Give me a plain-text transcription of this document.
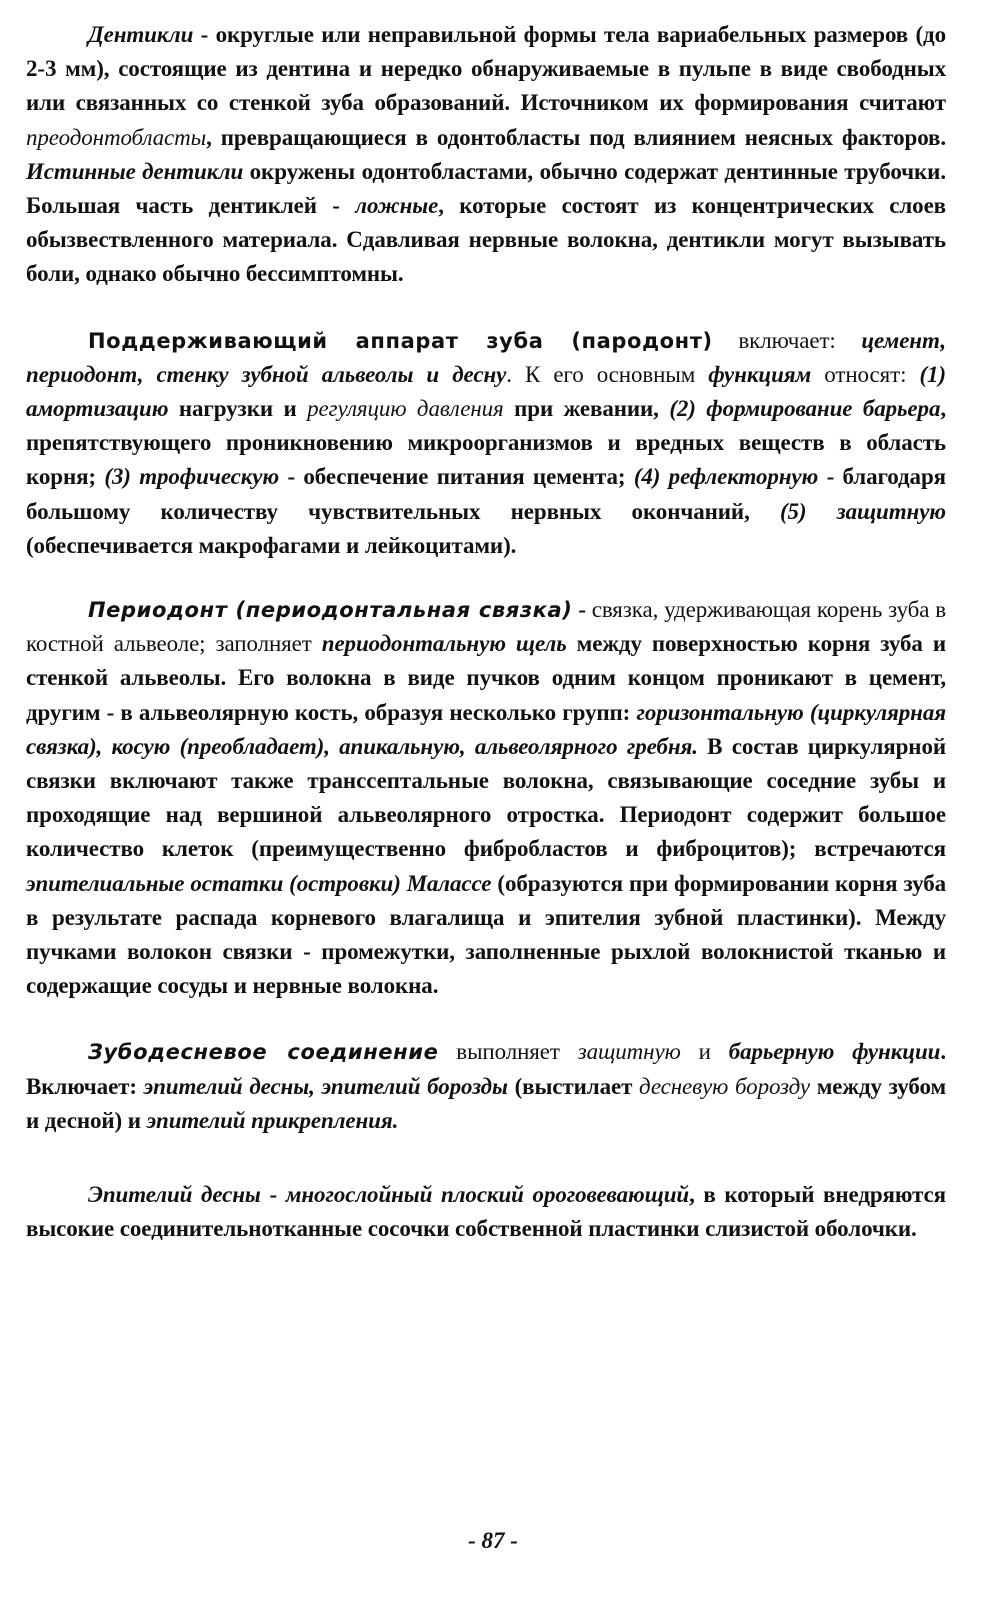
Дентикли - округлые или неправильной формы тела вариабельных размеров (до 2-3 мм), состоящие из дентина и нередко обнаруживаемые в пульпе в виде свободных или связанных со стенкой зуба образований. Источником их формирования считают преодонтобласты, превращающиеся в одонтобласты под влиянием неясных факторов. Истинные дентикли окружены одонтобластами, обычно содержат дентинные трубочки. Большая часть дентиклей - ложные, которые состоят из концентрических слоев обызвествленного материала. Сдавливая нервные волокна, дентикли могут вызывать боли, однако обычно бессимптомны.

Поддерживающий аппарат зуба (пародонт) включает: цемент, периодонт, стенку зубной альвеолы и десну. К его основным функциям относят: (1) амортизацию нагрузки и регуляцию давления при жевании, (2) формирование барьера, препятствующего проникновению микроорганизмов и вредных веществ в область корня; (3) трофическую - обеспечение питания цемента; (4) рефлекторную - благодаря большому количеству чувствительных нервных окончаний, (5) защитную (обеспечивается макрофагами и лейкоцитами).

Периодонт (периодонтальная связка) - связка, удерживающая корень зуба в костной альвеоле; заполняет периодонтальную щель между поверхностью корня зуба и стенкой альвеолы. Его волокна в виде пучков одним концом проникают в цемент, другим - в альвеолярную кость, образуя несколько групп: горизонтальную (циркулярная связка), косую (преобладает), апикальную, альвеолярного гребня. В состав циркулярной связки включают также транссептальные волокна, связывающие соседние зубы и проходящие над вершиной альвеолярного отростка. Периодонт содержит большое количество клеток (преимущественно фибробластов и фиброцитов); встречаются эпителиальные остатки (островки) Малассе (образуются при формировании корня зуба в результате распада корневого влагалища и эпителия зубной пластинки). Между пучками волокон связки - промежутки, заполненные рыхлой волокнистой тканью и содержащие сосуды и нервные волокна.

Зубодесневое соединение выполняет защитную и барьерную функции. Включает: эпителий десны, эпителий борозды (выстилает десневую борозду между зубом и десной) и эпителий прикрепления.

Эпителий десны - многослойный плоский ороговевающий, в который внедряются высокие соединительнотканные сосочки собственной пластинки слизистой оболочки.

- 87 -
